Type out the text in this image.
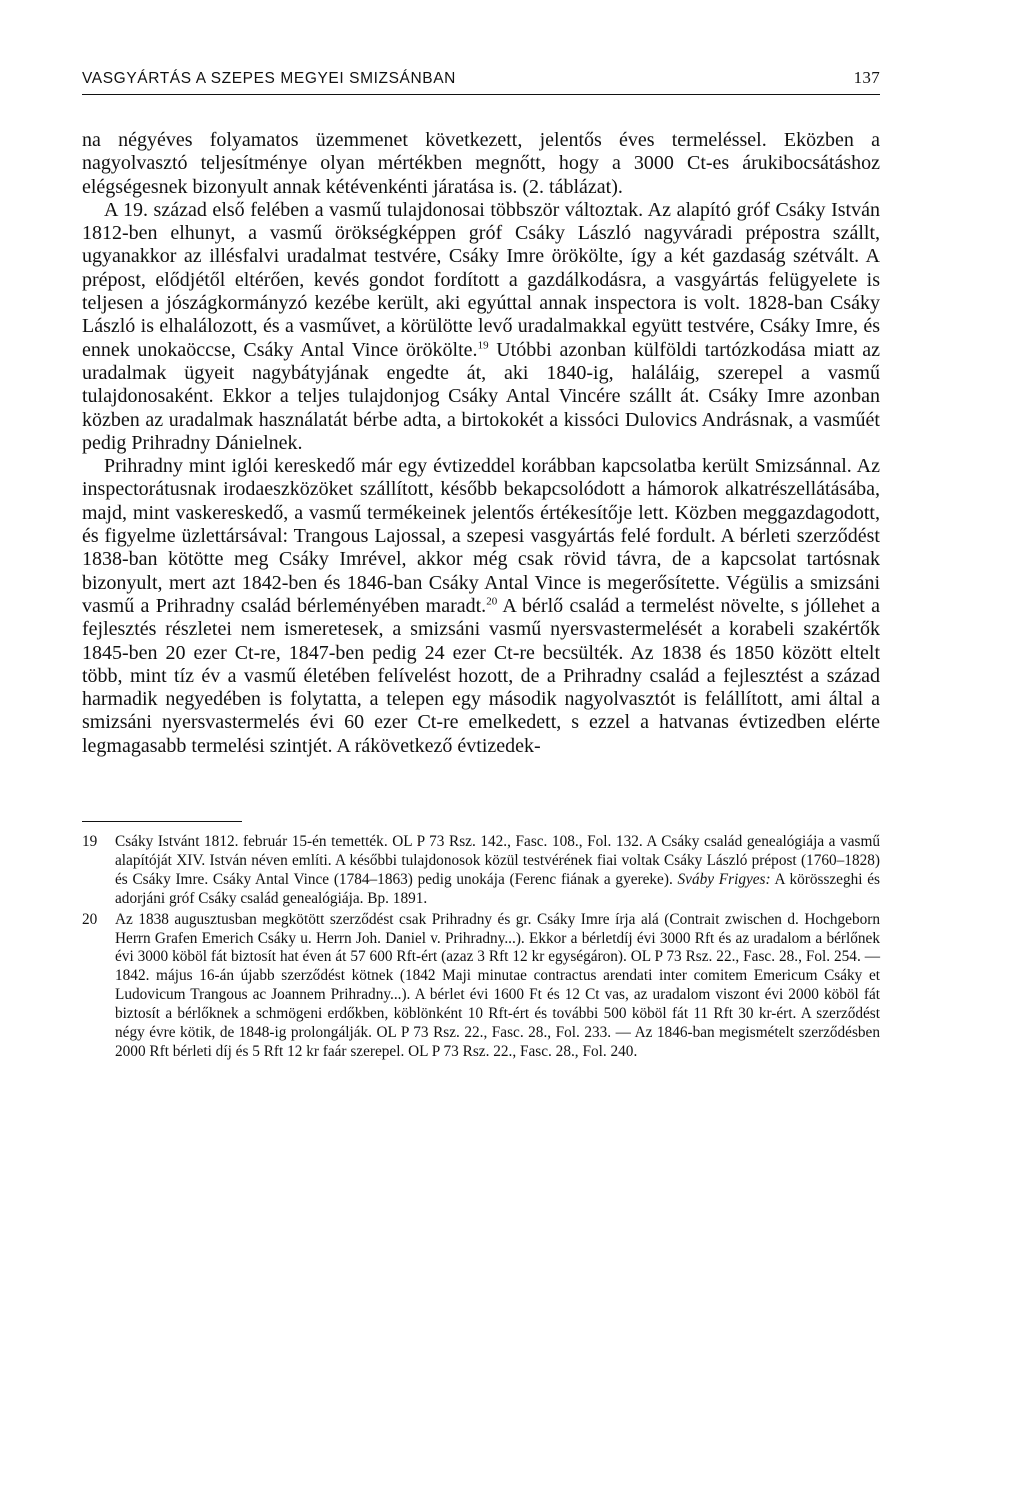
VASGYÁRTÁS A SZEPES MEGYEI SMIZSÁNBAN	137

na négyéves folyamatos üzemmenet következett, jelentős éves termeléssel. Eközben a nagyolvasztó teljesítménye olyan mértékben megnőtt, hogy a 3000 Ct-es árukibocsátáshoz elégségesnek bizonyult annak kétévenkénti járatása is. (2. táblázat).

A 19. század első felében a vasmű tulajdonosai többször változtak. Az alapító gróf Csáky István 1812-ben elhunyt, a vasmű örökségképpen gróf Csáky László nagyváradi prépostra szállt, ugyanakkor az illésfalvi uradalmat testvére, Csáky Imre örökölte, így a két gazdaság szétvált. A prépost, elődjétől eltérően, kevés gondot fordított a gazdálkodásra, a vasgyártás felügyelete is teljesen a jószágkormányzó kezébe került, aki egyúttal annak inspectora is volt. 1828-ban Csáky László is elhalálozott, és a vasművet, a körülötte levő uradalmakkal együtt testvére, Csáky Imre, és ennek unokaöccse, Csáky Antal Vince örökölte.$^{19}$ Utóbbi azonban külföldi tartózkodása miatt az uradalmak ügyeit nagybátyjának engedte át, aki 1840-ig, haláláig, szerepel a vasmű tulajdonosaként. Ekkor a teljes tulajdonjog Csáky Antal Vincére szállt át. Csáky Imre azonban közben az uradalmak használatát bérbe adta, a birtokokét a kissóci Dulovics Andrásnak, a vasműét pedig Prihradny Dánielnek.

Prihradny mint iglói kereskedő már egy évtizeddel korábban kapcsolatba került Smizsánnal. Az inspectorátusnak irodaeszközöket szállított, később bekapcsolódott a hámorok alkatrészellátásába, majd, mint vaskereskedő, a vasmű termékeinek jelentős értékesítője lett. Közben meggazdagodott, és figyelme üzlettársával: Trangous Lajossal, a szepesi vasgyártás felé fordult. A bérleti szerződést 1838-ban kötötte meg Csáky Imrével, akkor még csak rövid távra, de a kapcsolat tartósnak bizonyult, mert azt 1842-ben és 1846-ban Csáky Antal Vince is megerősítette. Végülis a smizsáni vasmű a Prihradny család bérleményében maradt.$^{20}$ A bérlő család a termelést növelte, s jóllehet a fejlesztés részletei nem ismeretesek, a smizsáni vasmű nyersvastermelését a korabeli szakértők 1845-ben 20 ezer Ct-re, 1847-ben pedig 24 ezer Ct-re becsülték. Az 1838 és 1850 között eltelt több, mint tíz év a vasmű életében felívelést hozott, de a Prihradny család a fejlesztést a század harmadik negyedében is folytatta, a telepen egy második nagyolvasztót is felállított, ami által a smizsáni nyersvastermelés évi 60 ezer Ct-re emelkedett, s ezzel a hatvanas évtizedben elérte legmagasabb termelési szintjét. A rákövetkező évtizedek-

19	Csáky Istvánt 1812. február 15-én temették. OL P 73 Rsz. 142., Fasc. 108., Fol. 132. A Csáky család genealógiája a vasmű alapítóját XIV. István néven említi. A későbbi tulajdonosok közül testvérének fiai voltak Csáky László prépost (1760–1828) és Csáky Imre. Csáky Antal Vince (1784–1863) pedig unokája (Ferenc fiának a gyereke). Svábу Frigyes: A körösszeghi és adorjáni gróf Csáky család genealógiája. Bp. 1891.
20	Az 1838 augusztusban megkötött szerződést csak Prihradny és gr. Csáky Imre írja alá (Contrait zwischen d. Hochgeborn Herrn Grafen Emerich Csáky u. Herrn Joh. Daniel v. Prihradny...). Ekkor a bérletdíj évi 3000 Rft és az uradalom a bérlőnek évi 3000 köböl fát biztosít hat éven át 57 600 Rft-ért (azaz 3 Rft 12 kr egységáron). OL P 73 Rsz. 22., Fasc. 28., Fol. 254. — 1842. május 16-án újabb szerződést kötnek (1842 Maji minutae contractus arendati inter comitem Emericum Csáky et Ludovicum Trangous ac Joannem Prihradny...). A bérlet évi 1600 Ft és 12 Ct vas, az uradalom viszont évi 2000 köböl fát biztosít a bérlőknek a schmögeni erdőkben, köblönként 10 Rft-ért és további 500 köböl fát 11 Rft 30 kr-ért. A szerződést négy évre kötik, de 1848-ig prolongálják. OL P 73 Rsz. 22., Fasc. 28., Fol. 233. — Az 1846-ban megismételt szerződésben 2000 Rft bérleti díj és 5 Rft 12 kr faár szerepel. OL P 73 Rsz. 22., Fasc. 28., Fol. 240.
